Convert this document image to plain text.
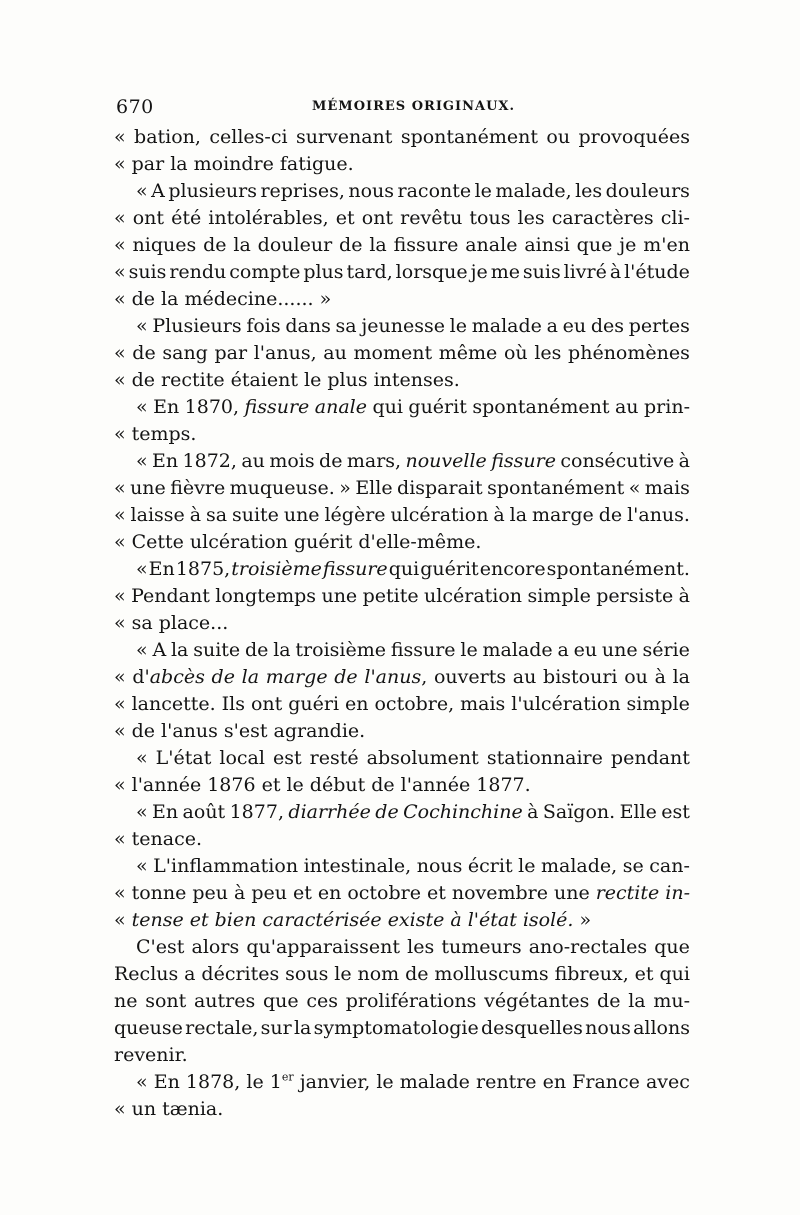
670	MÉMOIRES ORIGINAUX.
« bation, celles-ci survenant spontanément ou provoquées
« par la moindre fatigue.
« A plusieurs reprises, nous raconte le malade, les douleurs
« ont été intolérables, et ont revêtu tous les caractères cli-
« niques de la douleur de la fissure anale ainsi que je m'en
« suis rendu compte plus tard, lorsque je me suis livré à l'étude
« de la médecine...... »
« Plusieurs fois dans sa jeunesse le malade a eu des pertes
« de sang par l'anus, au moment même où les phénomènes
« de rectite étaient le plus intenses.
« En 1870, fissure anale qui guérit spontanément au prin-
« temps.
« En 1872, au mois de mars, nouvelle fissure consécutive à
« une fièvre muqueuse. » Elle disparait spontanément « mais
« laisse à sa suite une légère ulcération à la marge de l'anus.
« Cette ulcération guérit d'elle-même.
« En 1875, troisième fissure qui guérit encore spontanément.
« Pendant longtemps une petite ulcération simple persiste à
« sa place...
« A la suite de la troisième fissure le malade a eu une série
« d'abcès de la marge de l'anus, ouverts au bistouri ou à la
« lancette. Ils ont guéri en octobre, mais l'ulcération simple
« de l'anus s'est agrandie.
« L'état local est resté absolument stationnaire pendant
« l'année 1876 et le début de l'année 1877.
« En août 1877, diarrhée de Cochinchine à Saïgon. Elle est
« tenace.
« L'inflammation intestinale, nous écrit le malade, se can-
« tonne peu à peu et en octobre et novembre une rectite in-
« tense et bien caractérisée existe à l'état isolé. »
C'est alors qu'apparaissent les tumeurs ano-rectales que
Reclus a décrites sous le nom de molluscums fibreux, et qui
ne sont autres que ces proliférations végétantes de la mu-
queuse rectale, sur la symptomatologie desquelles nous allons
revenir.
« En 1878, le 1er janvier, le malade rentre en France avec
« un tænia.
